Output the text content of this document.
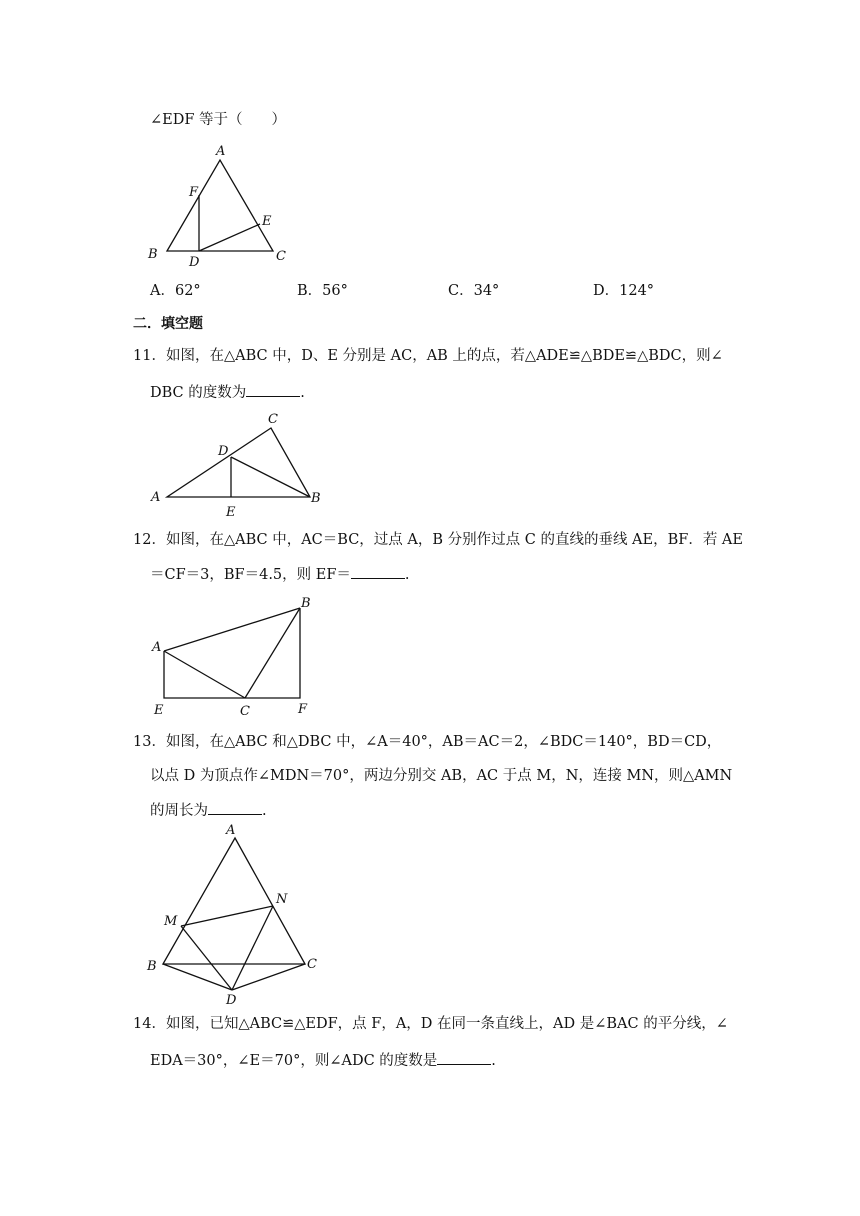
∠EDF 等于（　　）
A
F
E
B
D	C
A．62°	B．56°	C．34°	D．124°
二．填空题
11．如图，在△ABC 中，D、E 分别是 AC，AB 上的点，若△ADE≌△BDE≌△BDC，则∠
DBC 的度数为	.
C
D
A	B
E
12．如图，在△ABC 中，AC＝BC，过点 A，B 分别作过点 C 的直线的垂线 AE，BF．若 AE
＝CF＝3，BF＝4.5，则 EF＝	.
B
A
E	C	F
13．如图，在△ABC 和△DBC 中，∠A＝40°，AB＝AC＝2，∠BDC＝140°，BD＝CD，
以点 D 为顶点作∠MDN＝70°，两边分别交 AB，AC 于点 M，N，连接 MN，则△AMN
的周长为	.
A
N
M
B	C
D
14．如图，已知△ABC≌△EDF，点 F，A，D 在同一条直线上，AD 是∠BAC 的平分线，∠
EDA＝30°，∠E＝70°，则∠ADC 的度数是	.
